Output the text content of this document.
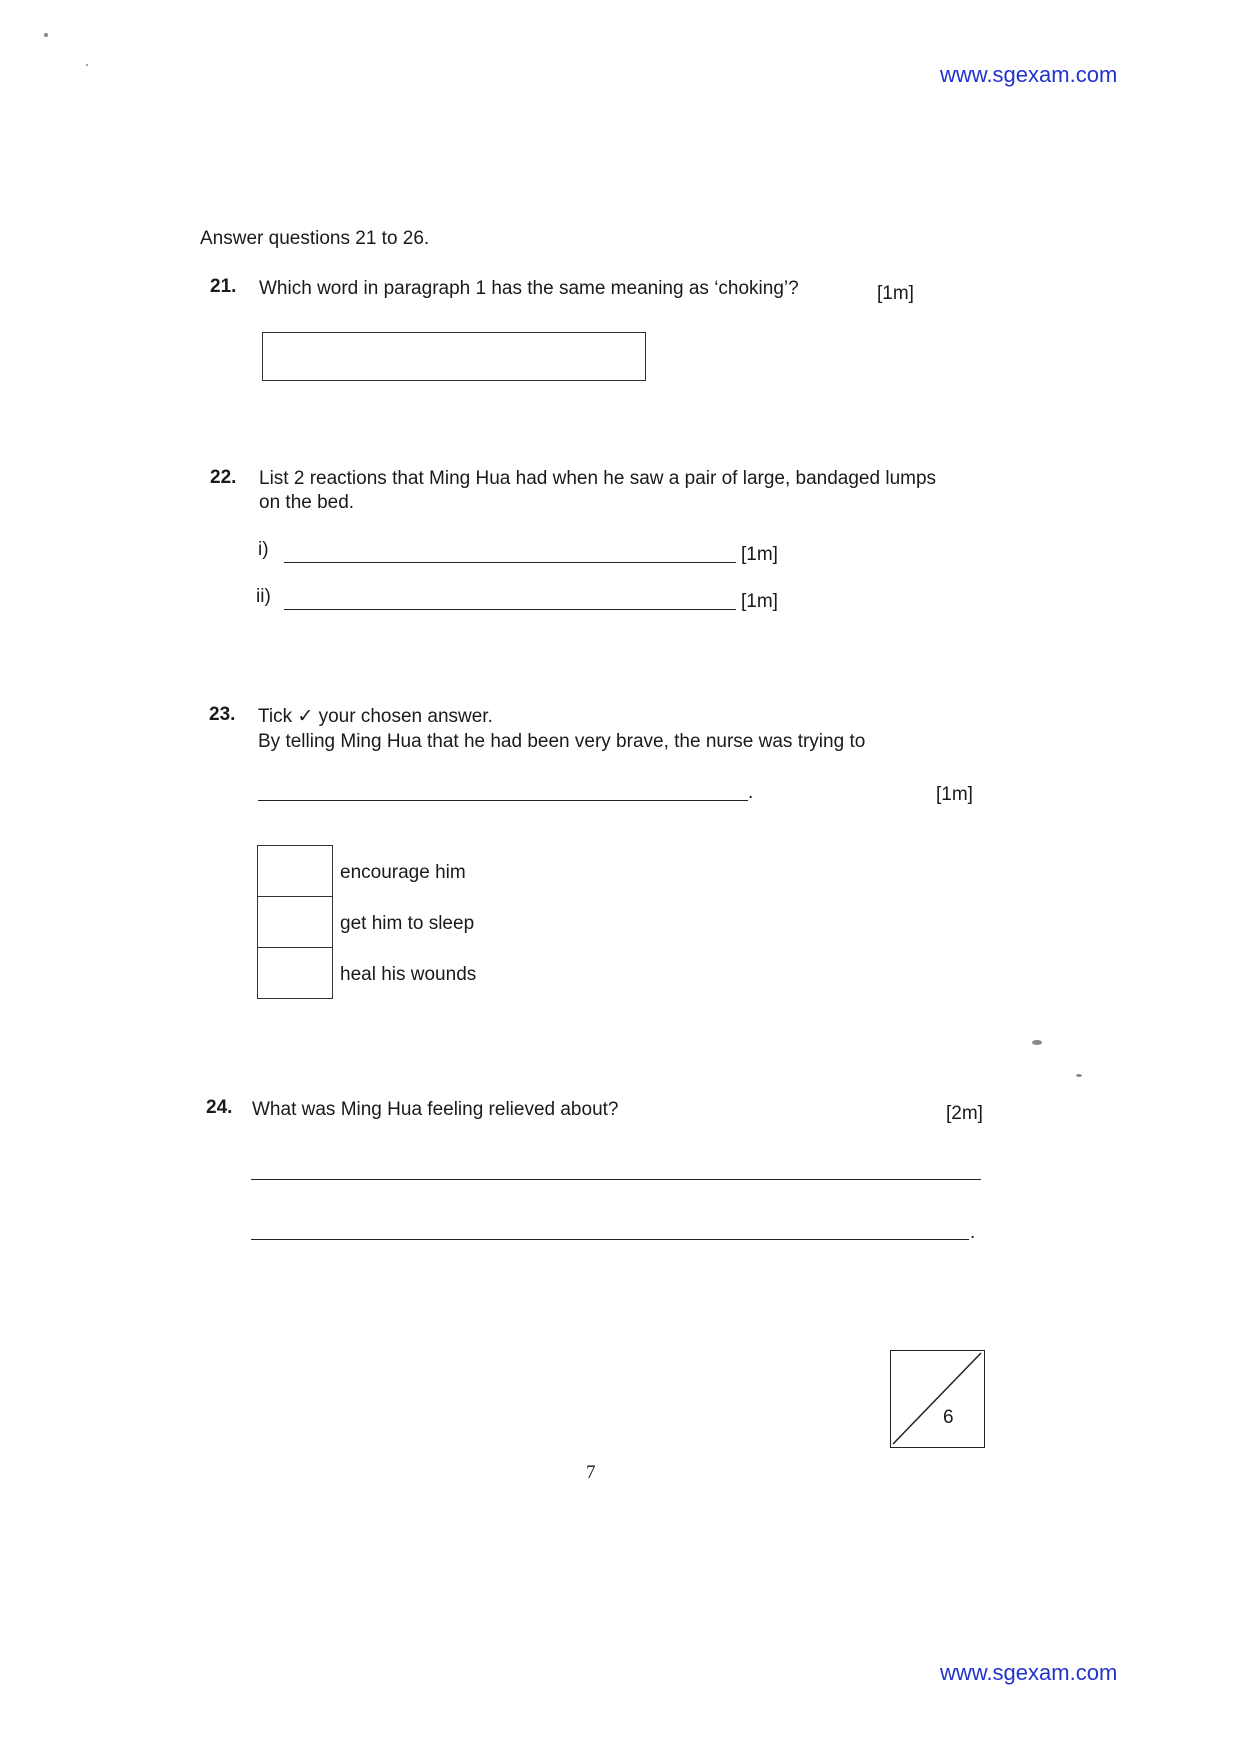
www.sgexam.com
Answer questions 21 to 26.
21. Which word in paragraph 1 has the same meaning as ‘choking’?	[1m]
22. List 2 reactions that Ming Hua had when he saw a pair of large, bandaged lumps
on the bed.
i)	[1m]
ii)	[1m]
23. Tick ✓ your chosen answer.
By telling Ming Hua that he had been very brave, the nurse was trying to
.	[1m]
encourage him
get him to sleep
heal his wounds
24. What was Ming Hua feeling relieved about?	[2m]
.
6
7
www.sgexam.com
